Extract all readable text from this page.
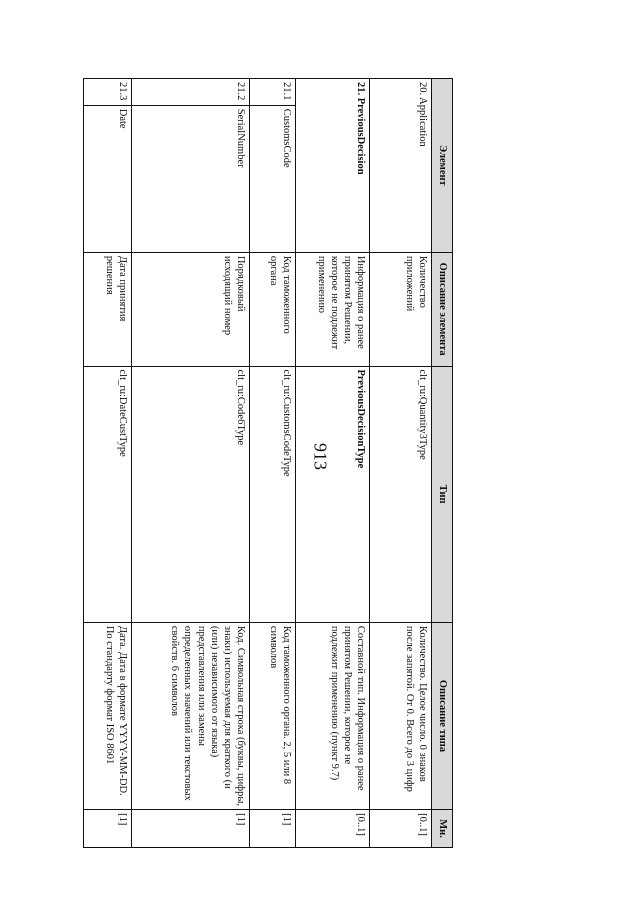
913
Элемент		Описание элемента	Тип	Описание типа	Мн.
20. Application		Количество приложений	clt_ru:Quantity3Type	Количество. Целое число. 0 знаков после запятой. От 0. Всего до 3 цифр	[0..1]
21. PreviousDecision		Информация о ранее принятом Решении, которое не подлежит применению	PreviousDecisionType	Составной тип. Информация о ранее принятом Решении, которое не подлежит применению (пункт 9.7)	[0..1]
21.1	CustomsCode	Код таможенного органа	clt_ru:CustomsCodeType	Код таможенного органа. 2, 5 или 8 символов	[1]
21.2	SerialNumber	Порядковый исходящий номер	clt_ru:Code6Type	Код. Символьная строка (буквы, цифры, знаки) используемая для краткого (и (или) независимого от языка) представления или замены определенных значений или текстовых свойств. 6 символов	[1]
21.3	Date	Дата принятия решения	clt_ru:DateCustType	Дата. Дата в формате YYYY-MM-DD. По стандарту формат ISO 8601	[1]
